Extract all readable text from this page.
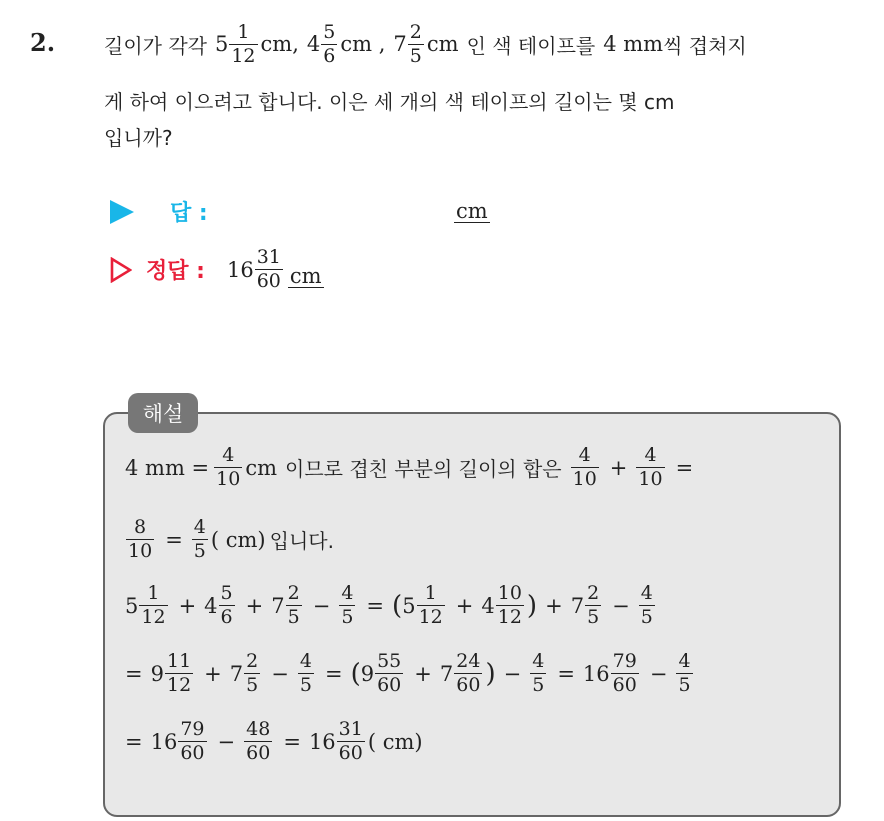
2. 길이가 각각 $5 \frac{1}{12}$ cm , $4 \frac{5}{6}$ cm , $7 \frac{2}{5}$ cm 인 색 테이프를 4 mm 씩 겹쳐지
게 하여 이으려고 합니다. 이은 세 개의 색 테이프의 길이는 몇 cm
입니까?
답 :	cm
정답 : $16 \frac{31}{60}$ cm
해설
4 mm = $\frac{4}{10}$ cm 이므로 겹친 부분의 길이의 합은 $\frac{4}{10} + \frac{4}{10}$ =
$\frac{8}{10} = \frac{4}{5}$ ( cm) 입니다.
$5 \frac{1}{12} + 4 \frac{5}{6} + 7 \frac{2}{5} - \frac{4}{5}$ = ( $5 \frac{1}{12} + 4 \frac{10}{12}$ ) + $7 \frac{2}{5} - \frac{4}{5}$
= $9 \frac{11}{12} + 7 \frac{2}{5} - \frac{4}{5}$ = ( $9 \frac{55}{60} + 7 \frac{24}{60}$ ) − $\frac{4}{5} = 16 \frac{79}{60} - \frac{4}{5}$
= $16 \frac{79}{60} - \frac{48}{60} = 16 \frac{31}{60}$ ( cm)
